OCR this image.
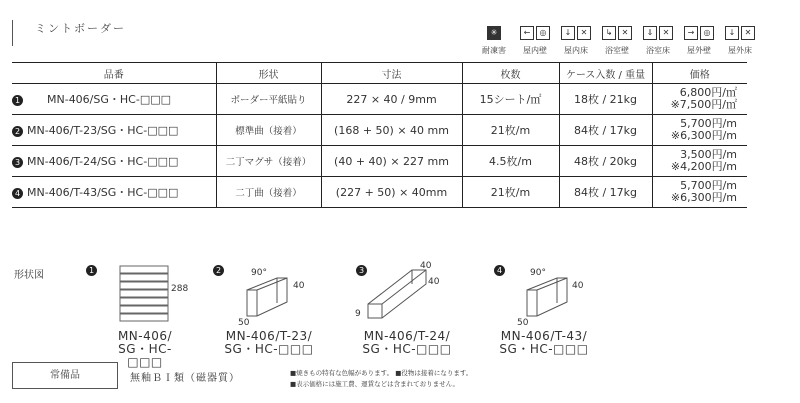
ミントボーダー	✳
耐凍害
←	◎
屋内壁
↓	✕
屋内床
↳	✕
浴室壁
⇓	✕
浴室床
→	◎
屋外壁
↓	✕
屋外床
品番	形状	寸法	枚数	ケース入数 / 重量	価格
1 MN-406/SG・HC-□□□	ボーダー平紙貼り	227 × 40 / 9mm	15シート/㎡	18枚 / 21kg	6,800円/㎡
※7,500円/㎡

2 MN-406/T-23/SG・HC-□□□	標準曲（接着）	(168 + 50) × 40 mm	21枚/m	84枚 / 17kg	5,700円/m
※6,300円/m

3 MN-406/T-24/SG・HC-□□□	二丁マグサ（接着）	(40 + 40) × 227 mm	4.5枚/m	48枚 / 20kg	3,500円/m
※4,200円/m

4 MN-406/T-43/SG・HC-□□□	二丁曲（接着）	(227 + 50) × 40mm	21枚/m	84枚 / 17kg	5,700円/m
※6,300円/m
形状図	1
288
MN-406/
SG・HC-□□□
2	90°
40
50
MN-406/T-23/
SG・HC-□□□
3	40
40
9
MN-406/T-24/
SG・HC-□□□
4	90°
40
50
MN-406/T-43/
SG・HC-□□□
常備品	無釉ＢＩ類（磁器質）	■焼きもの特有な色幅があります。 ■役物は接着になります。
■表示価格には施工費、運賃などは含まれておりません。
